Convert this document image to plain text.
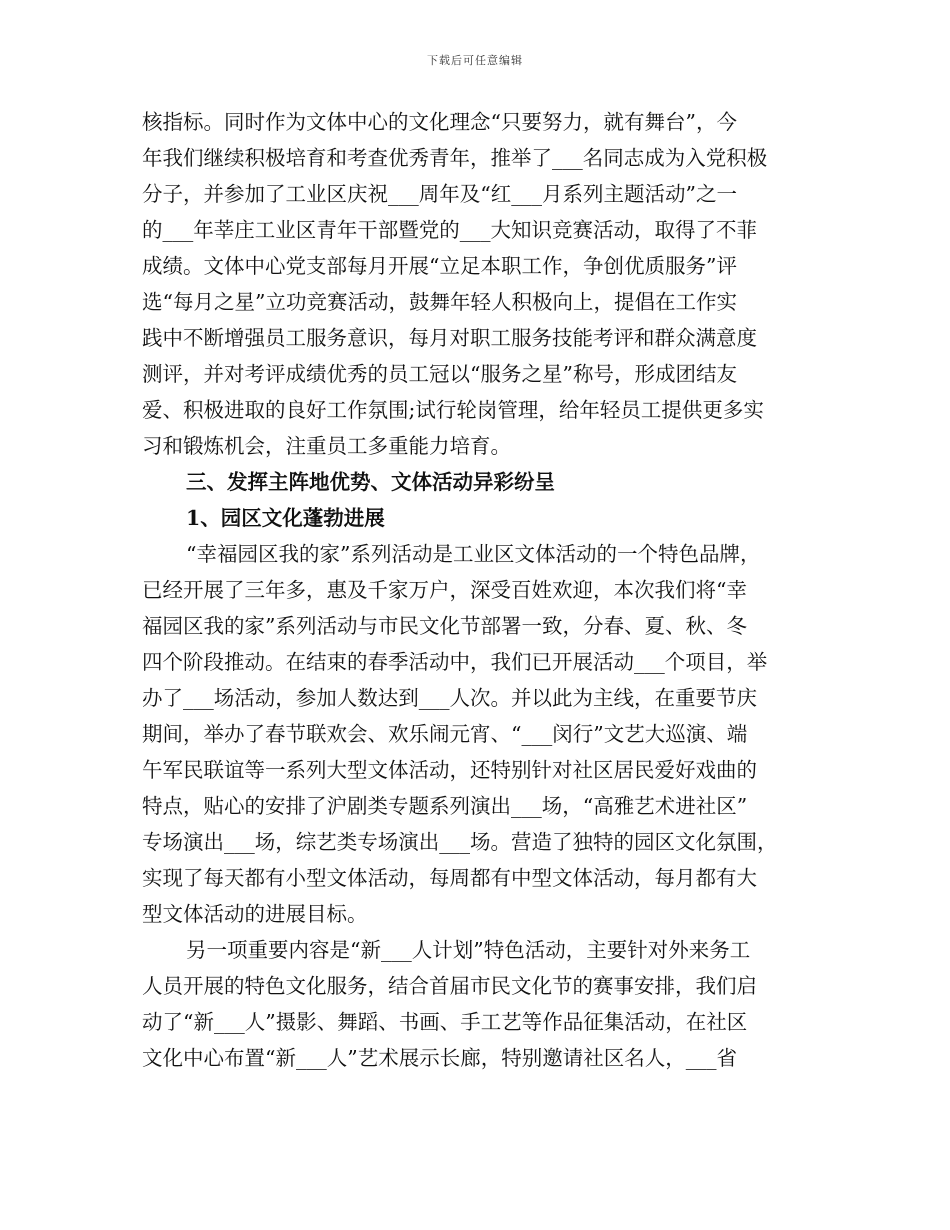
下载后可任意编辑
核指标。同时作为文体中心的文化理念“只要努力，就有舞台”，今
年我们继续积极培育和考查优秀青年，推举了___名同志成为入党积极
分子，并参加了工业区庆祝___周年及“红___月系列主题活动”之一
的___年莘庄工业区青年干部暨党的___大知识竞赛活动，取得了不菲
成绩。文体中心党支部每月开展“立足本职工作，争创优质服务”评
选“每月之星”立功竞赛活动，鼓舞年轻人积极向上，提倡在工作实
践中不断增强员工服务意识，每月对职工服务技能考评和群众满意度
测评，并对考评成绩优秀的员工冠以“服务之星”称号，形成团结友
爱、积极进取的良好工作氛围;试行轮岗管理，给年轻员工提供更多实
习和锻炼机会，注重员工多重能力培育。
三、发挥主阵地优势、文体活动异彩纷呈
1、园区文化蓬勃进展
“幸福园区我的家”系列活动是工业区文体活动的一个特色品牌，
已经开展了三年多，惠及千家万户，深受百姓欢迎，本次我们将“幸
福园区我的家”系列活动与市民文化节部署一致，分春、夏、秋、冬
四个阶段推动。在结束的春季活动中，我们已开展活动___个项目，举
办了___场活动，参加人数达到___人次。并以此为主线，在重要节庆
期间，举办了春节联欢会、欢乐闹元宵、“___闵行”文艺大巡演、端
午军民联谊等一系列大型文体活动，还特别针对社区居民爱好戏曲的
特点，贴心的安排了沪剧类专题系列演出___场，“高雅艺术进社区”
专场演出___场，综艺类专场演出___场。营造了独特的园区文化氛围，
实现了每天都有小型文体活动，每周都有中型文体活动，每月都有大
型文体活动的进展目标。
另一项重要内容是“新___人计划”特色活动，主要针对外来务工
人员开展的特色文化服务，结合首届市民文化节的赛事安排，我们启
动了“新___人”摄影、舞蹈、书画、手工艺等作品征集活动，在社区
文化中心布置“新___人”艺术展示长廊，特别邀请社区名人，___省
